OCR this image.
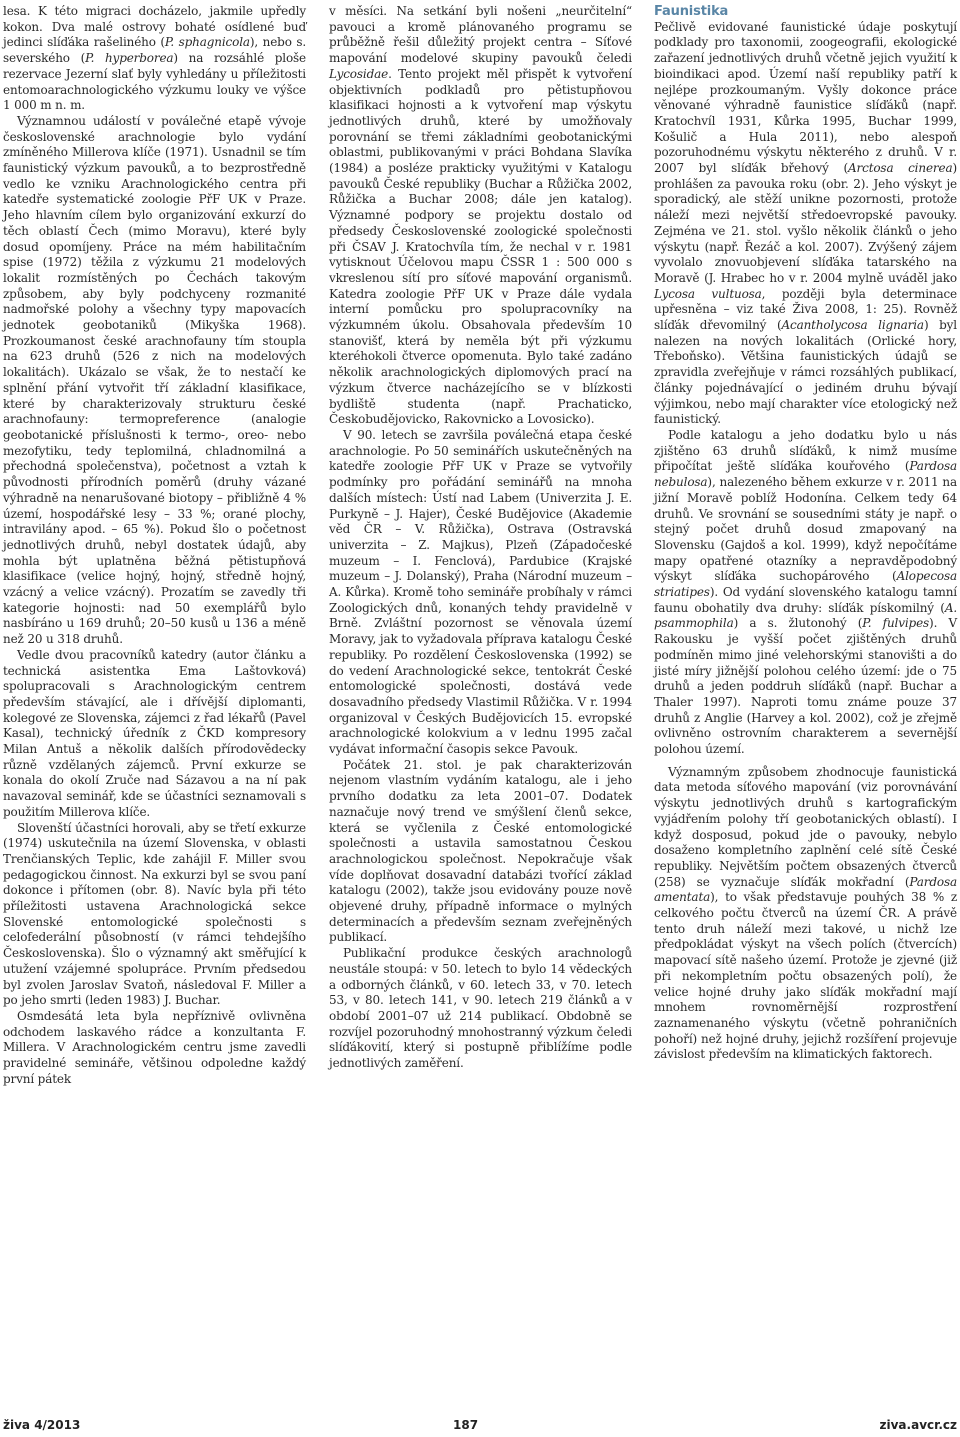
lesa. K této migraci docházelo, jakmile upředly kokon. Dva malé ostrovy bohaté osídlené buď jedinci slíďáka rašeliného (P. sphagnicola), nebo s. severského (P. hyperborea) na rozsáhlé ploše rezervace Jezerní slať byly vyhledány u příležitosti entomoarachnologického výzkumu louky ve výšce 1 000 m n. m.

Významnou událostí v poválečné etapě vývoje československé arachnologie bylo vydání zmíněného Millerova klíče (1971). Usnadnil se tím faunistický výzkum pavouků, a to bezprostředně vedlo ke vzniku Arachnologického centra při katedře systematické zoologie PřF UK v Praze. Jeho hlavním cílem bylo organizování exkurzí do těch oblastí Čech (mimo Moravu), které byly dosud opomíjeny. Práce na mém habilitačním spise (1972) těžila z výzkumu 21 modelových lokalit rozmístěných po Čechách takovým způsobem, aby byly podchyceny rozmanité nadmořské polohy a všechny typy mapovacích jednotek geobotaniků (Mikyška 1968). Prozkoumanost české arachnofauny tím stoupla na 623 druhů (526 z nich na modelových lokalitách). Ukázalo se však, že to nestačí ke splnění přání vytvořit tří základní klasifikace, které by charakterizovaly strukturu české arachnofauny: termopreference (analogie geobotanické příslušnosti k termo-, oreo- nebo mezofytiku, tedy teplomilná, chladnomilná a přechodná společenstva), početnost a vztah k původnosti přírodních poměrů (druhy vázané výhradně na nenarušované biotopy – přibližně 4 % území, hospodářské lesy – 33 %; orané plochy, intravilány apod. – 65 %). Pokud šlo o početnost jednotlivých druhů, nebyl dostatek údajů, aby mohla být uplatněna běžná pětistupňová klasifikace (velice hojný, hojný, středně hojný, vzácný a velice vzácný). Prozatím se zavedly tři kategorie hojnosti: nad 50 exemplářů bylo nasbíráno u 169 druhů; 20–50 kusů u 136 a méně než 20 u 318 druhů.

Vedle dvou pracovníků katedry (autor článku a technická asistentka Ema Laštovková) spolupracovali s Arachnologickým centrem především stávající, ale i dřívější diplomanti, kolegové ze Slovenska, zájemci z řad lékařů (Pavel Kasal), technický úředník z ČKD kompresory Milan Antuš a několik dalších přírodovědecky různě vzdělaných zájemců. První exkurze se konala do okolí Zruče nad Sázavou a na ní pak navazoval seminář, kde se účastníci seznamovali s použitím Millerova klíče.

Slovenští účastníci horovali, aby se třetí exkurze (1974) uskutečnila na území Slovenska, v oblasti Trenčianských Teplic, kde zahájil F. Miller svou pedagogickou činnost. Na exkurzi byl se svou paní dokonce i přítomen (obr. 8). Navíc byla při této příležitosti ustavena Arachnologická sekce Slovenské entomologické společnosti s celofederální působností (v rámci tehdejšího Československa). Šlo o významný akt směřující k utužení vzájemné spolupráce. Prvním předsedou byl zvolen Jaroslav Svatoň, následoval F. Miller a po jeho smrti (leden 1983) J. Buchar.

Osmdesátá leta byla nepříznivě ovlivněna odchodem laskavého rádce a konzultanta F. Millera. V Arachnologickém centru jsme zavedli pravidelné semináře, většinou odpoledne každý první pátek

v měsíci. Na setkání byli nošeni „neurčitelní“ pavouci a kromě plánovaného programu se průběžně řešil důležitý projekt centra – Síťové mapování modelové skupiny pavouků čeledi Lycosidae. Tento projekt měl přispět k vytvoření objektivních podkladů pro pětistupňovou klasifikaci hojnosti a k vytvoření map výskytu jednotlivých druhů, které by umožňovaly porovnání se třemi základními geobotanickými oblastmi, publikovanými v práci Bohdana Slavíka (1984) a posléze prakticky využitými v Katalogu pavouků České republiky (Buchar a Růžička 2002, Růžička a Buchar 2008; dále jen katalog). Významné podpory se projektu dostalo od předsedy Československé zoologické společnosti při ČSAV J. Kratochvíla tím, že nechal v r. 1981 vytisknout Účelovou mapu ČSSR 1 : 500 000 s vkreslenou sítí pro síťové mapování organismů. Katedra zoologie PřF UK v Praze dále vydala interní pomůcku pro spolupracovníky na výzkumném úkolu. Obsahovala především 10 stanovišť, která by neměla být při výzkumu kteréhokoli čtverce opomenuta. Bylo také zadáno několik arachnologických diplomových prací na výzkum čtverce nacházejícího se v blízkosti bydliště studenta (např. Prachaticko, Českobudějovicko, Rakovnicko a Lovosicko).

V 90. letech se završila poválečná etapa české arachnologie. Po 50 seminářích uskutečněných na katedře zoologie PřF UK v Praze se vytvořily podmínky pro pořádání seminářů na mnoha dalších místech: Ústí nad Labem (Univerzita J. E. Purkyně – J. Hajer), České Budějovice (Akademie věd ČR – V. Růžička), Ostrava (Ostravská univerzita – Z. Majkus), Plzeň (Západočeské muzeum – I. Fenclová), Pardubice (Krajské muzeum – J. Dolanský), Praha (Národní muzeum – A. Kůrka). Kromě toho semináře probíhaly v rámci Zoologických dnů, konaných tehdy pravidelně v Brně. Zvláštní pozornost se věnovala území Moravy, jak to vyžadovala příprava katalogu České republiky. Po rozdělení Československa (1992) se do vedení Arachnologické sekce, tentokrát České entomologické společnosti, dostává vede dosavadního předsedy Vlastimil Růžička. V r. 1994 organizoval v Českých Budějovicích 15. evropské arachnologické kolokvium a v lednu 1995 začal vydávat informační časopis sekce Pavouk.

Počátek 21. stol. je pak charakterizován nejenom vlastním vydáním katalogu, ale i jeho prvního dodatku za leta 2001–07. Dodatek naznačuje nový trend ve smýšlení členů sekce, která se vyčlenila z České entomologické společnosti a ustavila samostatnou Českou arachnologickou společnost. Nepokračuje však víde doplňovat dosavadní databázi tvořící základ katalogu (2002), takže jsou evidovány pouze nově objevené druhy, případně informace o mylných determinacích a především seznam zveřejněných publikací.

Publikační produkce českých arachnologů neustále stoupá: v 50. letech to bylo 14 vědeckých a odborných článků, v 60. letech 33, v 70. letech 53, v 80. letech 141, v 90. letech 219 článků a v období 2001–07 už 214 publikací. Obdobně se rozvíjel pozoruhodný mnohostranný výzkum čeledi slíďákovití, který si postupně přiblížíme podle jednotlivých zaměření.

Faunistika

Pečlivě evidované faunistické údaje poskytují podklady pro taxonomii, zoogeografii, ekologické zařazení jednotlivých druhů včetně jejich využití k bioindikaci apod. Území naší republiky patří k nejlépe prozkoumaným. Vyšly dokonce práce věnované výhradně faunistice slíďáků (např. Kratochvíl 1931, Kůrka 1995, Buchar 1999, Košulič a Hula 2011), nebo alespoň pozoruhodnému výskytu některého z druhů. V r. 2007 byl slíďák břehový (Arctosa cinerea) prohlášen za pavouka roku (obr. 2). Jeho výskyt je sporadický, ale stěží unikne pozornosti, protože náleží mezi největší středoevropské pavouky. Zejména ve 21. stol. vyšlo několik článků o jeho výskytu (např. Řezáč a kol. 2007). Zvýšený zájem vyvolalo znovuobjevení slíďáka tatarského na Moravě (J. Hrabec ho v r. 2004 mylně uváděl jako Lycosa vultuosa, později byla determinace upřesněna – viz také Živa 2008, 1: 25). Rovněž slíďák dřevomilný (Acantholycosa lignaria) byl nalezen na nových lokalitách (Orlické hory, Třeboňsko). Většina faunistických údajů se zpravidla zveřejňuje v rámci rozsáhlých publikací, články pojednávající o jediném druhu bývají výjimkou, nebo mají charakter více etologický než faunistický.

Podle katalogu a jeho dodatku bylo u nás zjištěno 63 druhů slíďáků, k nimž musíme připočítat ještě slíďáka kouřového (Pardosa nebulosa), nalezeného během exkurze v r. 2011 na jižní Moravě poblíž Hodonína. Celkem tedy 64 druhů. Ve srovnání se sousedními státy je např. o stejný počet druhů dosud zmapovaný na Slovensku (Gajdoš a kol. 1999), když nepočítáme mapy opatřené otazníky a nepravděpodobný výskyt slíďáka suchopárového (Alopecosa striatipes). Od vydání slovenského katalogu tamní faunu obohatily dva druhy: slíďák pískomilný (A. psammophila) a s. žlutonohý (P. fulvipes). V Rakousku je vyšší počet zjištěných druhů podmíněn mimo jiné velehorskými stanovišti a do jisté míry jižnější polohou celého území: jde o 75 druhů a jeden poddruh slíďáků (např. Buchar a Thaler 1997). Naproti tomu známe pouze 37 druhů z Anglie (Harvey a kol. 2002), což je zřejmě ovlivněno ostrovním charakterem a severnější polohou území.

Významným způsobem zhodnocuje faunistická data metoda síťového mapování (viz porovnávání výskytu jednotlivých druhů s kartografickým vyjádřením polohy tří geobotanických oblastí). I když dosposud, pokud jde o pavouky, nebylo dosaženo kompletního zaplnění celé sítě České republiky. Největším počtem obsazených čtverců (258) se vyznačuje slíďák mokřadní (Pardosa amentata), to však představuje pouhých 38 % z celkového počtu čtverců na území ČR. A právě tento druh náleží mezi takové, u nichž lze předpokládat výskyt na všech polích (čtvercích) mapovací sítě našeho území. Protože je zjevné (již při nekompletním počtu obsazených polí), že velice hojné druhy jako slíďák mokřadní mají mnohem rovnoměrnější rozprostření zaznamenaného výskytu (včetně pohraničních pohoří) než hojné druhy, jejichž rozšíření projevuje závislost především na klimatických faktorech.

živa 4/2013	187	ziva.avcr.cz
